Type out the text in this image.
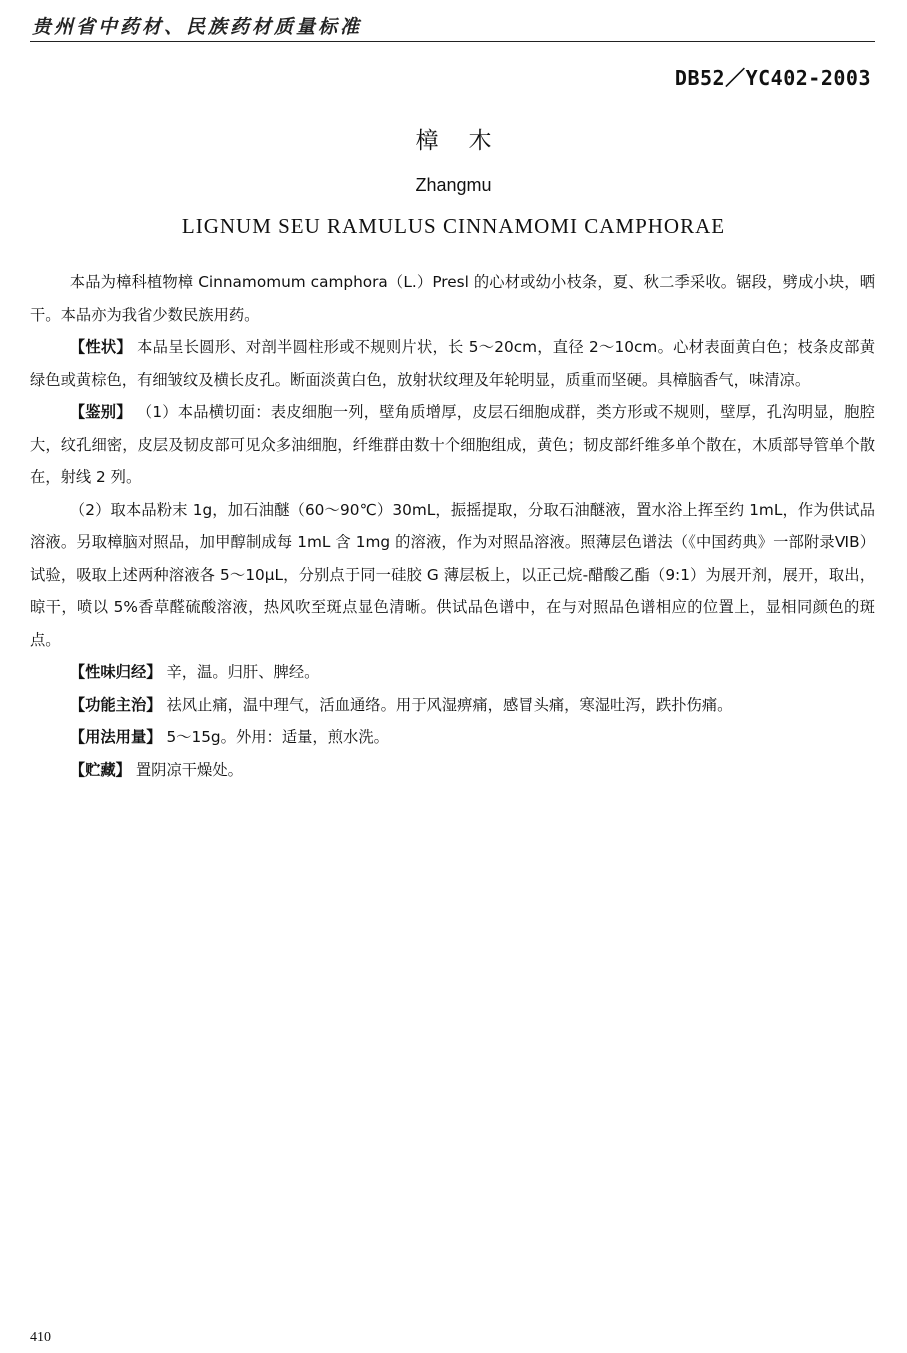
贵州省中药材、民族药材质量标准
DB52／YC402-2003
樟木
Zhangmu
LIGNUM SEU RAMULUS CINNAMOMI CAMPHORAE

本品为樟科植物樟 Cinnamomum camphora（L.）Presl 的心材或幼小枝条，夏、秋二季采收。锯段，劈成小块，晒干。本品亦为我省少数民族用药。

【性状】 本品呈长圆形、对剖半圆柱形或不规则片状，长 5～20cm，直径 2～10cm。心材表面黄白色；枝条皮部黄绿色或黄棕色，有细皱纹及横长皮孔。断面淡黄白色，放射状纹理及年轮明显，质重而坚硬。具樟脑香气，味清凉。

【鉴别】 （1）本品横切面：表皮细胞一列，壁角质增厚，皮层石细胞成群，类方形或不规则，壁厚，孔沟明显，胞腔大，纹孔细密，皮层及韧皮部可见众多油细胞，纤维群由数十个细胞组成，黄色；韧皮部纤维多单个散在，木质部导管单个散在，射线 2 列。

（2）取本品粉末 1g，加石油醚（60～90℃）30mL，振摇提取，分取石油醚液，置水浴上挥至约 1mL，作为供试品溶液。另取樟脑对照品，加甲醇制成每 1mL 含 1mg 的溶液，作为对照品溶液。照薄层色谱法（《中国药典》一部附录ⅥB）试验，吸取上述两种溶液各 5～10μL，分别点于同一硅胶 G 薄层板上，以正己烷-醋酸乙酯（9:1）为展开剂，展开，取出，晾干，喷以 5%香草醛硫酸溶液，热风吹至斑点显色清晰。供试品色谱中，在与对照品色谱相应的位置上，显相同颜色的斑点。

【性味归经】 辛，温。归肝、脾经。

【功能主治】 祛风止痛，温中理气，活血通络。用于风湿痹痛，感冒头痛，寒湿吐泻，跌扑伤痛。

【用法用量】 5～15g。外用：适量，煎水洗。

【贮藏】 置阴凉干燥处。

410
